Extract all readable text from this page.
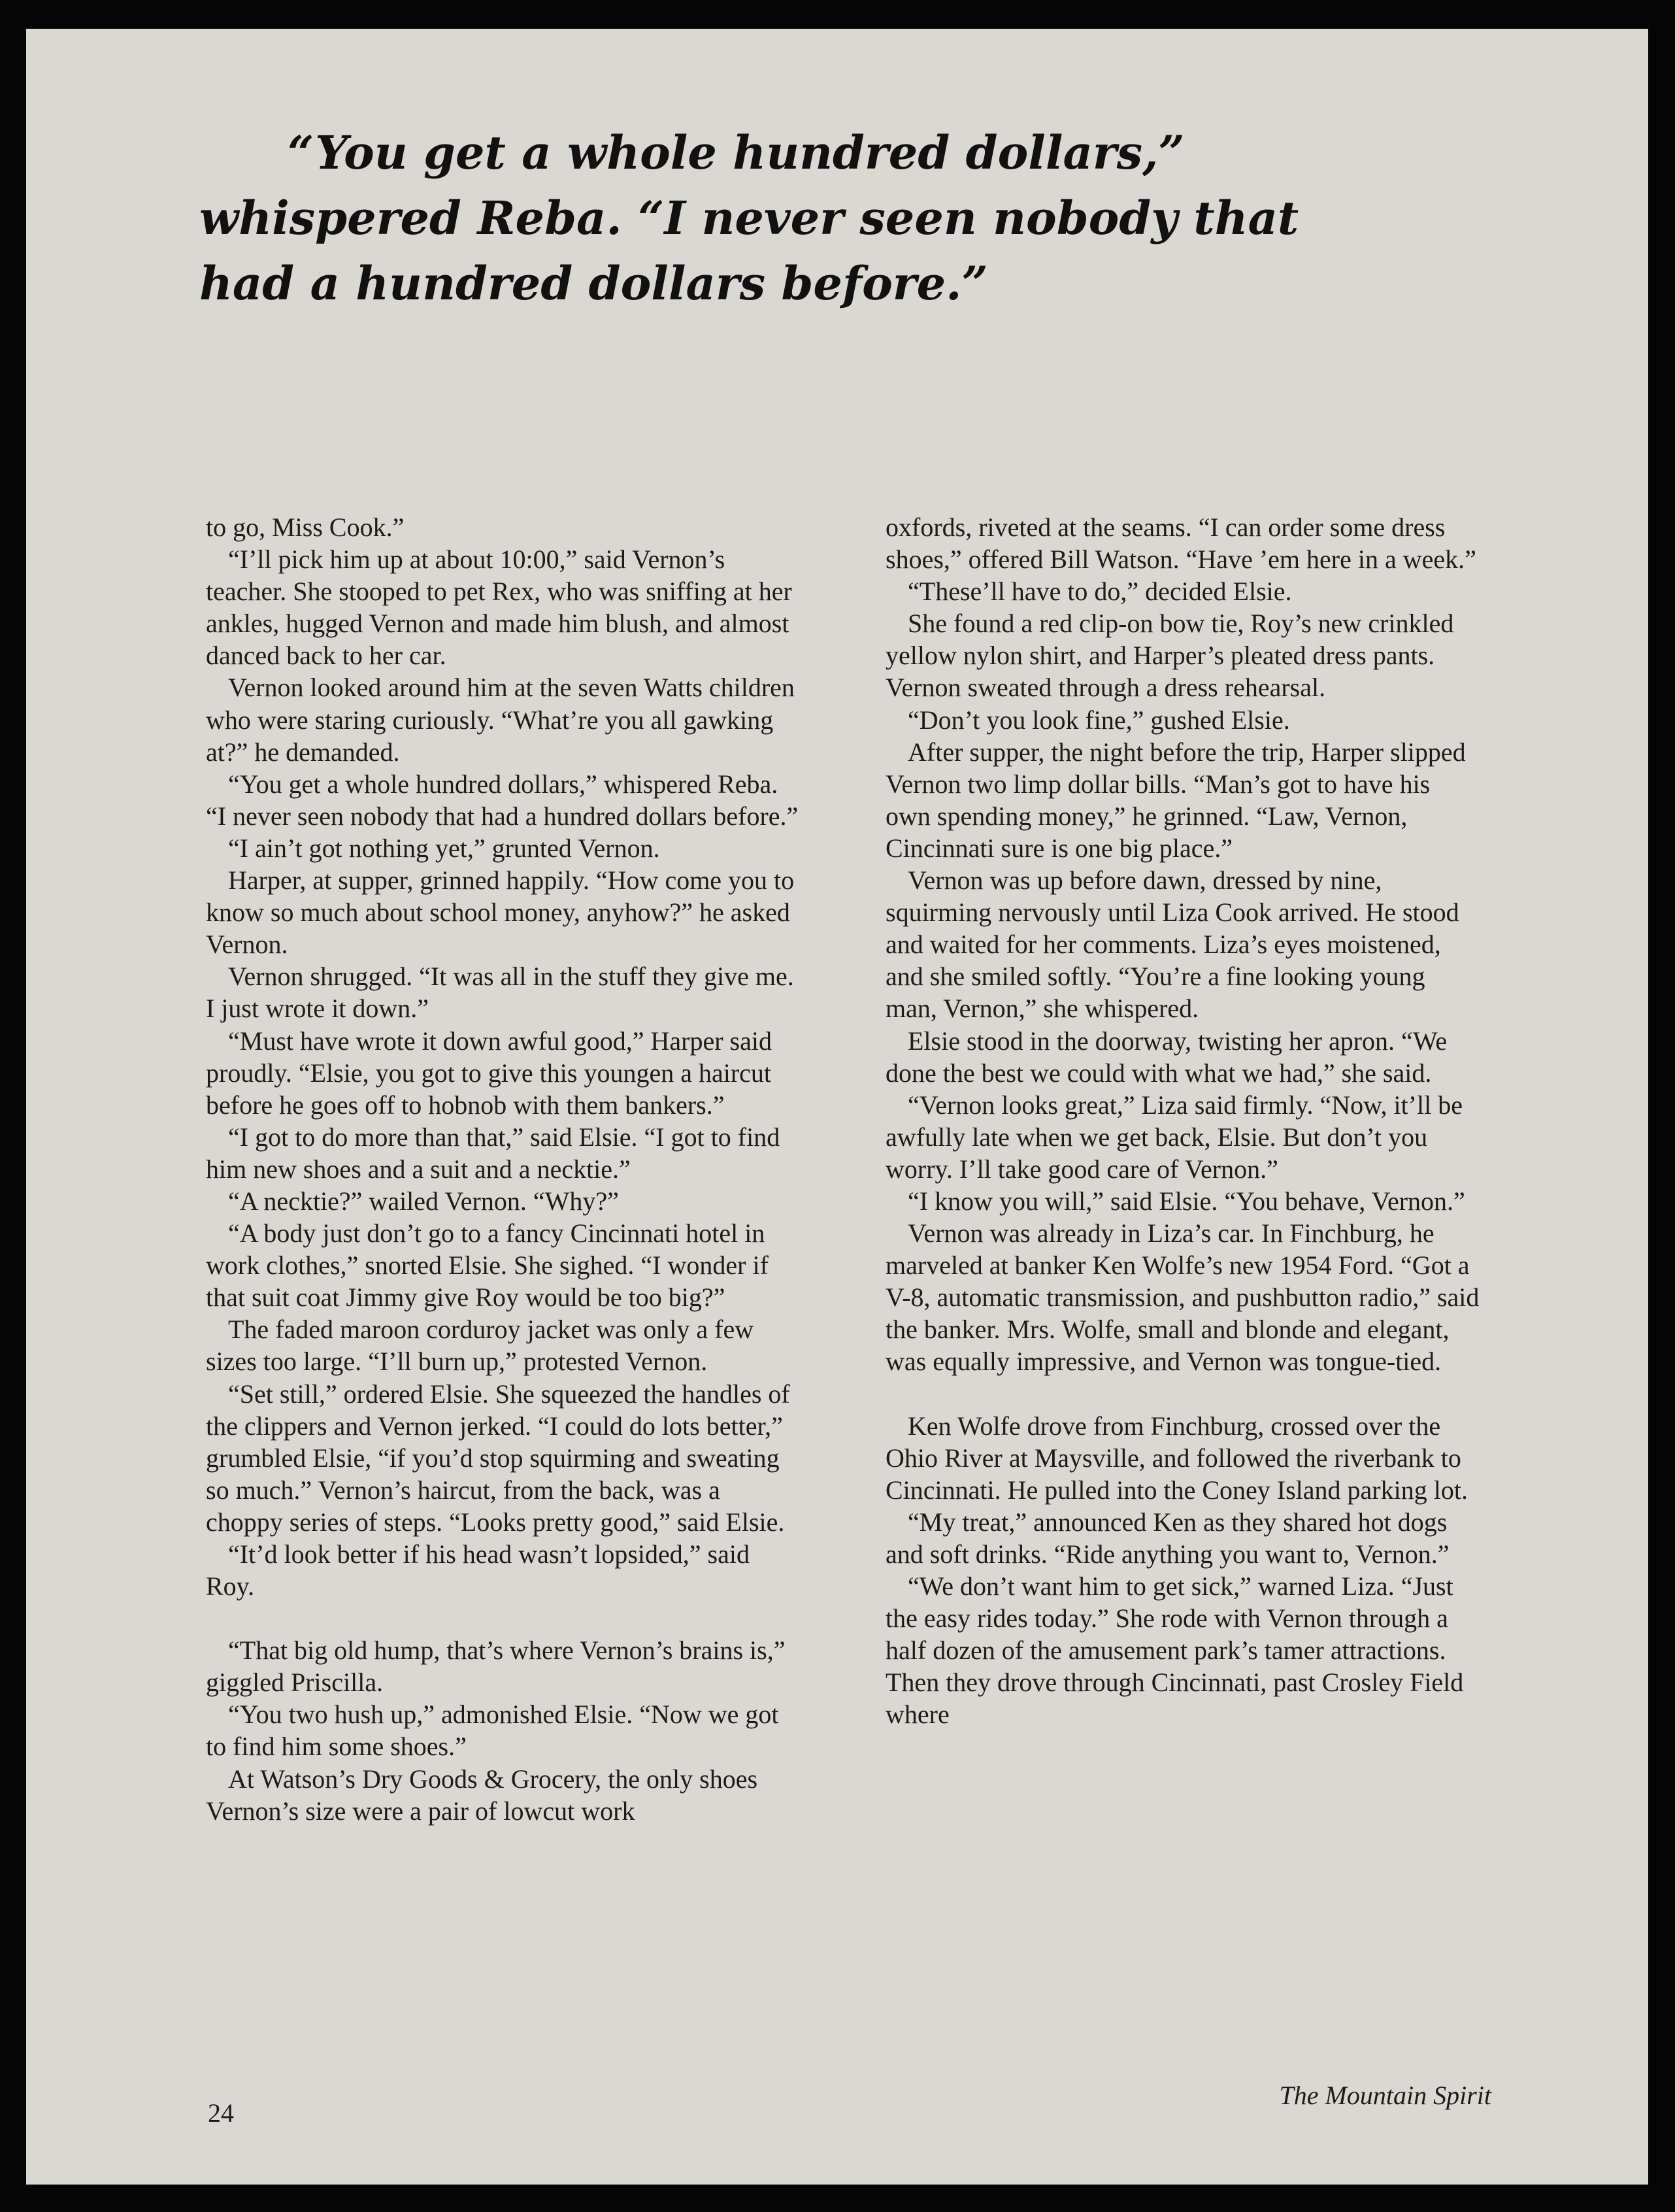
“You get a whole hundred dollars,”
whispered Reba. “I never seen nobody that
had a hundred dollars before.”

to go, Miss Cook.”

“I’ll pick him up at about 10:00,” said Vernon’s teacher. She stooped to pet Rex, who was sniffing at her ankles, hugged Vernon and made him blush, and almost danced back to her car.

Vernon looked around him at the seven Watts children who were staring curiously. “What’re you all gawking at?” he demanded.

“You get a whole hundred dollars,” whispered Reba. “I never seen nobody that had a hundred dollars before.”

“I ain’t got nothing yet,” grunted Vernon.

Harper, at supper, grinned happily. “How come you to know so much about school money, anyhow?” he asked Vernon.

Vernon shrugged. “It was all in the stuff they give me. I just wrote it down.”

“Must have wrote it down awful good,” Harper said proudly. “Elsie, you got to give this youngen a haircut before he goes off to hobnob with them bankers.”

“I got to do more than that,” said Elsie. “I got to find him new shoes and a suit and a necktie.”

“A necktie?” wailed Vernon. “Why?”

“A body just don’t go to a fancy Cincinnati hotel in work clothes,” snorted Elsie. She sighed. “I wonder if that suit coat Jimmy give Roy would be too big?”

The faded maroon corduroy jacket was only a few sizes too large. “I’ll burn up,” protested Vernon.

“Set still,” ordered Elsie. She squeezed the handles of the clippers and Vernon jerked. “I could do lots better,” grumbled Elsie, “if you’d stop squirming and sweating so much.” Vernon’s haircut, from the back, was a choppy series of steps. “Looks pretty good,” said Elsie.

“It’d look better if his head wasn’t lopsided,” said Roy.

“That big old hump, that’s where Vernon’s brains is,” giggled Priscilla.

“You two hush up,” admonished Elsie. “Now we got to find him some shoes.”

At Watson’s Dry Goods & Grocery, the only shoes Vernon’s size were a pair of lowcut work

oxfords, riveted at the seams. “I can order some dress shoes,” offered Bill Watson. “Have ’em here in a week.”

“These’ll have to do,” decided Elsie.

She found a red clip-on bow tie, Roy’s new crinkled yellow nylon shirt, and Harper’s pleated dress pants. Vernon sweated through a dress rehearsal.

“Don’t you look fine,” gushed Elsie.

After supper, the night before the trip, Harper slipped Vernon two limp dollar bills. “Man’s got to have his own spending money,” he grinned. “Law, Vernon, Cincinnati sure is one big place.”

Vernon was up before dawn, dressed by nine, squirming nervously until Liza Cook arrived. He stood and waited for her comments. Liza’s eyes moistened, and she smiled softly. “You’re a fine looking young man, Vernon,” she whispered.

Elsie stood in the doorway, twisting her apron. “We done the best we could with what we had,” she said.

“Vernon looks great,” Liza said firmly. “Now, it’ll be awfully late when we get back, Elsie. But don’t you worry. I’ll take good care of Vernon.”

“I know you will,” said Elsie. “You behave, Vernon.”

Vernon was already in Liza’s car. In Finchburg, he marveled at banker Ken Wolfe’s new 1954 Ford. “Got a V-8, automatic transmission, and pushbutton radio,” said the banker. Mrs. Wolfe, small and blonde and elegant, was equally impressive, and Vernon was tongue-tied.

Ken Wolfe drove from Finchburg, crossed over the Ohio River at Maysville, and followed the riverbank to Cincinnati. He pulled into the Coney Island parking lot.

“My treat,” announced Ken as they shared hot dogs and soft drinks. “Ride anything you want to, Vernon.”

“We don’t want him to get sick,” warned Liza. “Just the easy rides today.” She rode with Vernon through a half dozen of the amusement park’s tamer attractions. Then they drove through Cincinnati, past Crosley Field where

24
The Mountain Spirit
